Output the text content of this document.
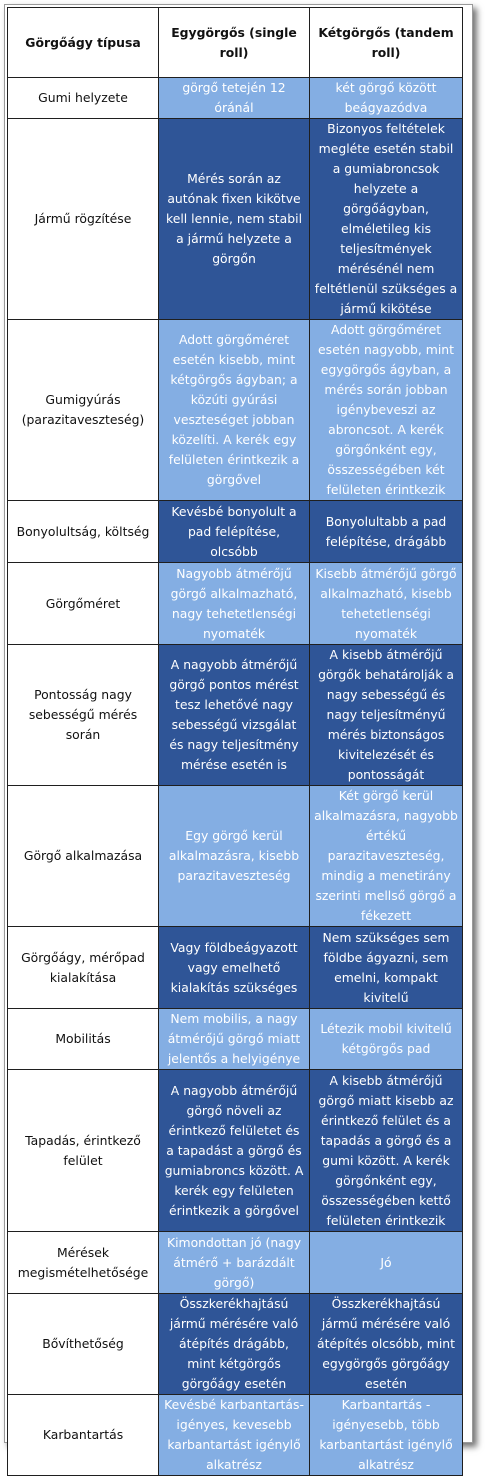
Görgőágy típusa	Egygörgős (single roll)	Kétgörgős (tandem roll)
Gumi helyzete	görgő tetején 12 óránál	két görgő között beágyazódva
Jármű rögzítése	Mérés során az autónak fixen kikötve kell lennie, nem stabil a jármű helyzete a görgőn	Bizonyos feltételek megléte esetén stabil a gumiabroncsok helyzete a görgőágyban, elméletileg kis teljesítmények mérésénél nem feltétlenül szükséges a jármű kikötése
Gumigyúrás (parazitaveszteség)	Adott görgőméret esetén kisebb, mint kétgörgős ágyban; a közúti gyúrási veszteséget jobban közelíti. A kerék egy felületen érintkezik a görgővel	Adott görgőméret esetén nagyobb, mint egygörgős ágyban, a mérés során jobban igénybeveszi az abroncsot. A kerék görgőnként egy, összességében két felületen érintkezik
Bonyolultság, költség	Kevésbé bonyolult a pad felépítése, olcsóbb	Bonyolultabb a pad felépítése, drágább
Görgőméret	Nagyobb átmérőjű görgő alkalmazható, nagy tehetetlenségi nyomaték	Kisebb átmérőjű görgő alkalmazható, kisebb tehetetlenségi nyomaték
Pontosság nagy sebességű mérés során	A nagyobb átmérőjű görgő pontos mérést tesz lehetővé nagy sebességű vizsgálat és nagy teljesítmény mérése esetén is	A kisebb átmérőjű görgők behatárolják a nagy sebességű és nagy teljesítményű mérés biztonságos kivitelezését és pontosságát
Görgő alkalmazása	Egy görgő kerül alkalmazásra, kisebb parazitaveszteség	Két görgő kerül alkalmazásra, nagyobb értékű parazitaveszteség, mindig a menetirány szerinti mellső görgő a fékezett
Görgőágy, mérőpad kialakítása	Vagy földbeágyazott vagy emelhető kialakítás szükséges	Nem szükséges sem földbe ágyazni, sem emelni, kompakt kivitelű
Mobilitás	Nem mobilis, a nagy átmérőjű görgő miatt jelentős a helyigénye	Létezik mobil kivitelű kétgörgős pad
Tapadás, érintkező felület	A nagyobb átmérőjű görgő növeli az érintkező felületet és a tapadást a görgő és gumiabroncs között. A kerék egy felületen érintkezik a görgővel	A kisebb átmérőjű görgő miatt kisebb az érintkező felület és a tapadás a görgő és a gumi között. A kerék görgőnként egy, összességében kettő felületen érintkezik
Mérések megismételhetősége	Kimondottan jó (nagy átmérő + barázdált görgő)	Jó
Bővíthetőség	Összkerékhajtású jármű mérésére való átépítés drágább, mint kétgörgős görgőágy esetén	Összkerékhajtású jármű mérésére való átépítés olcsóbb, mint egygörgős görgőágy esetén
Karbantartás	Kevésbé karbantartás-igényes, kevesebb karbantartást igénylő alkatrész	Karbantartás - igényesebb, több karbantartást igénylő alkatrész
